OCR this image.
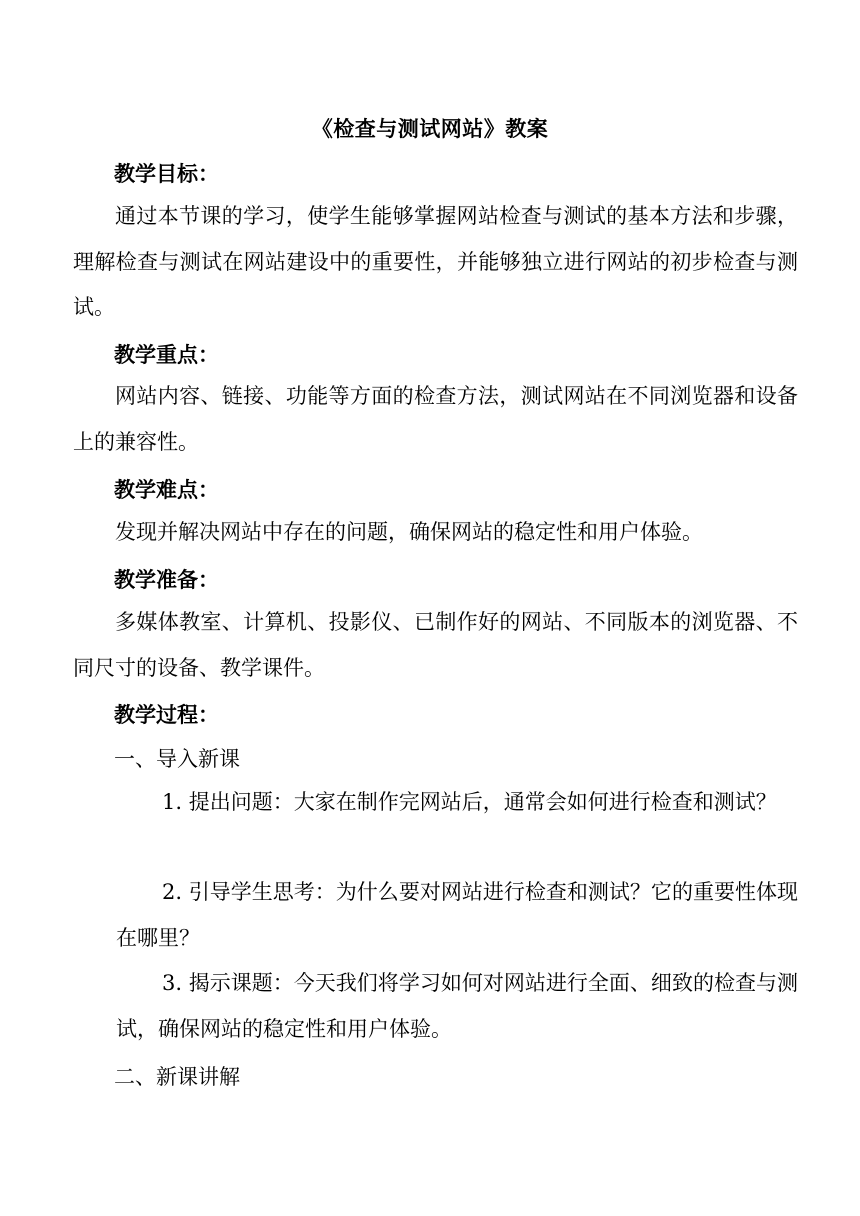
《检查与测试网站》教案
教学目标：

通过本节课的学习，使学生能够掌握网站检查与测试的基本方法和步骤，理解检查与测试在网站建设中的重要性，并能够独立进行网站的初步检查与测试。

教学重点：

网站内容、链接、功能等方面的检查方法，测试网站在不同浏览器和设备上的兼容性。

教学难点：

发现并解决网站中存在的问题，确保网站的稳定性和用户体验。

教学准备：

多媒体教室、计算机、投影仪、已制作好的网站、不同版本的浏览器、不同尺寸的设备、教学课件。

教学过程：
一、导入新课

1. 提出问题：大家在制作完网站后，通常会如何进行检查和测试？

2. 引导学生思考：为什么要对网站进行检查和测试？它的重要性体现在哪里？

3. 揭示课题：今天我们将学习如何对网站进行全面、细致的检查与测试，确保网站的稳定性和用户体验。

二、新课讲解
